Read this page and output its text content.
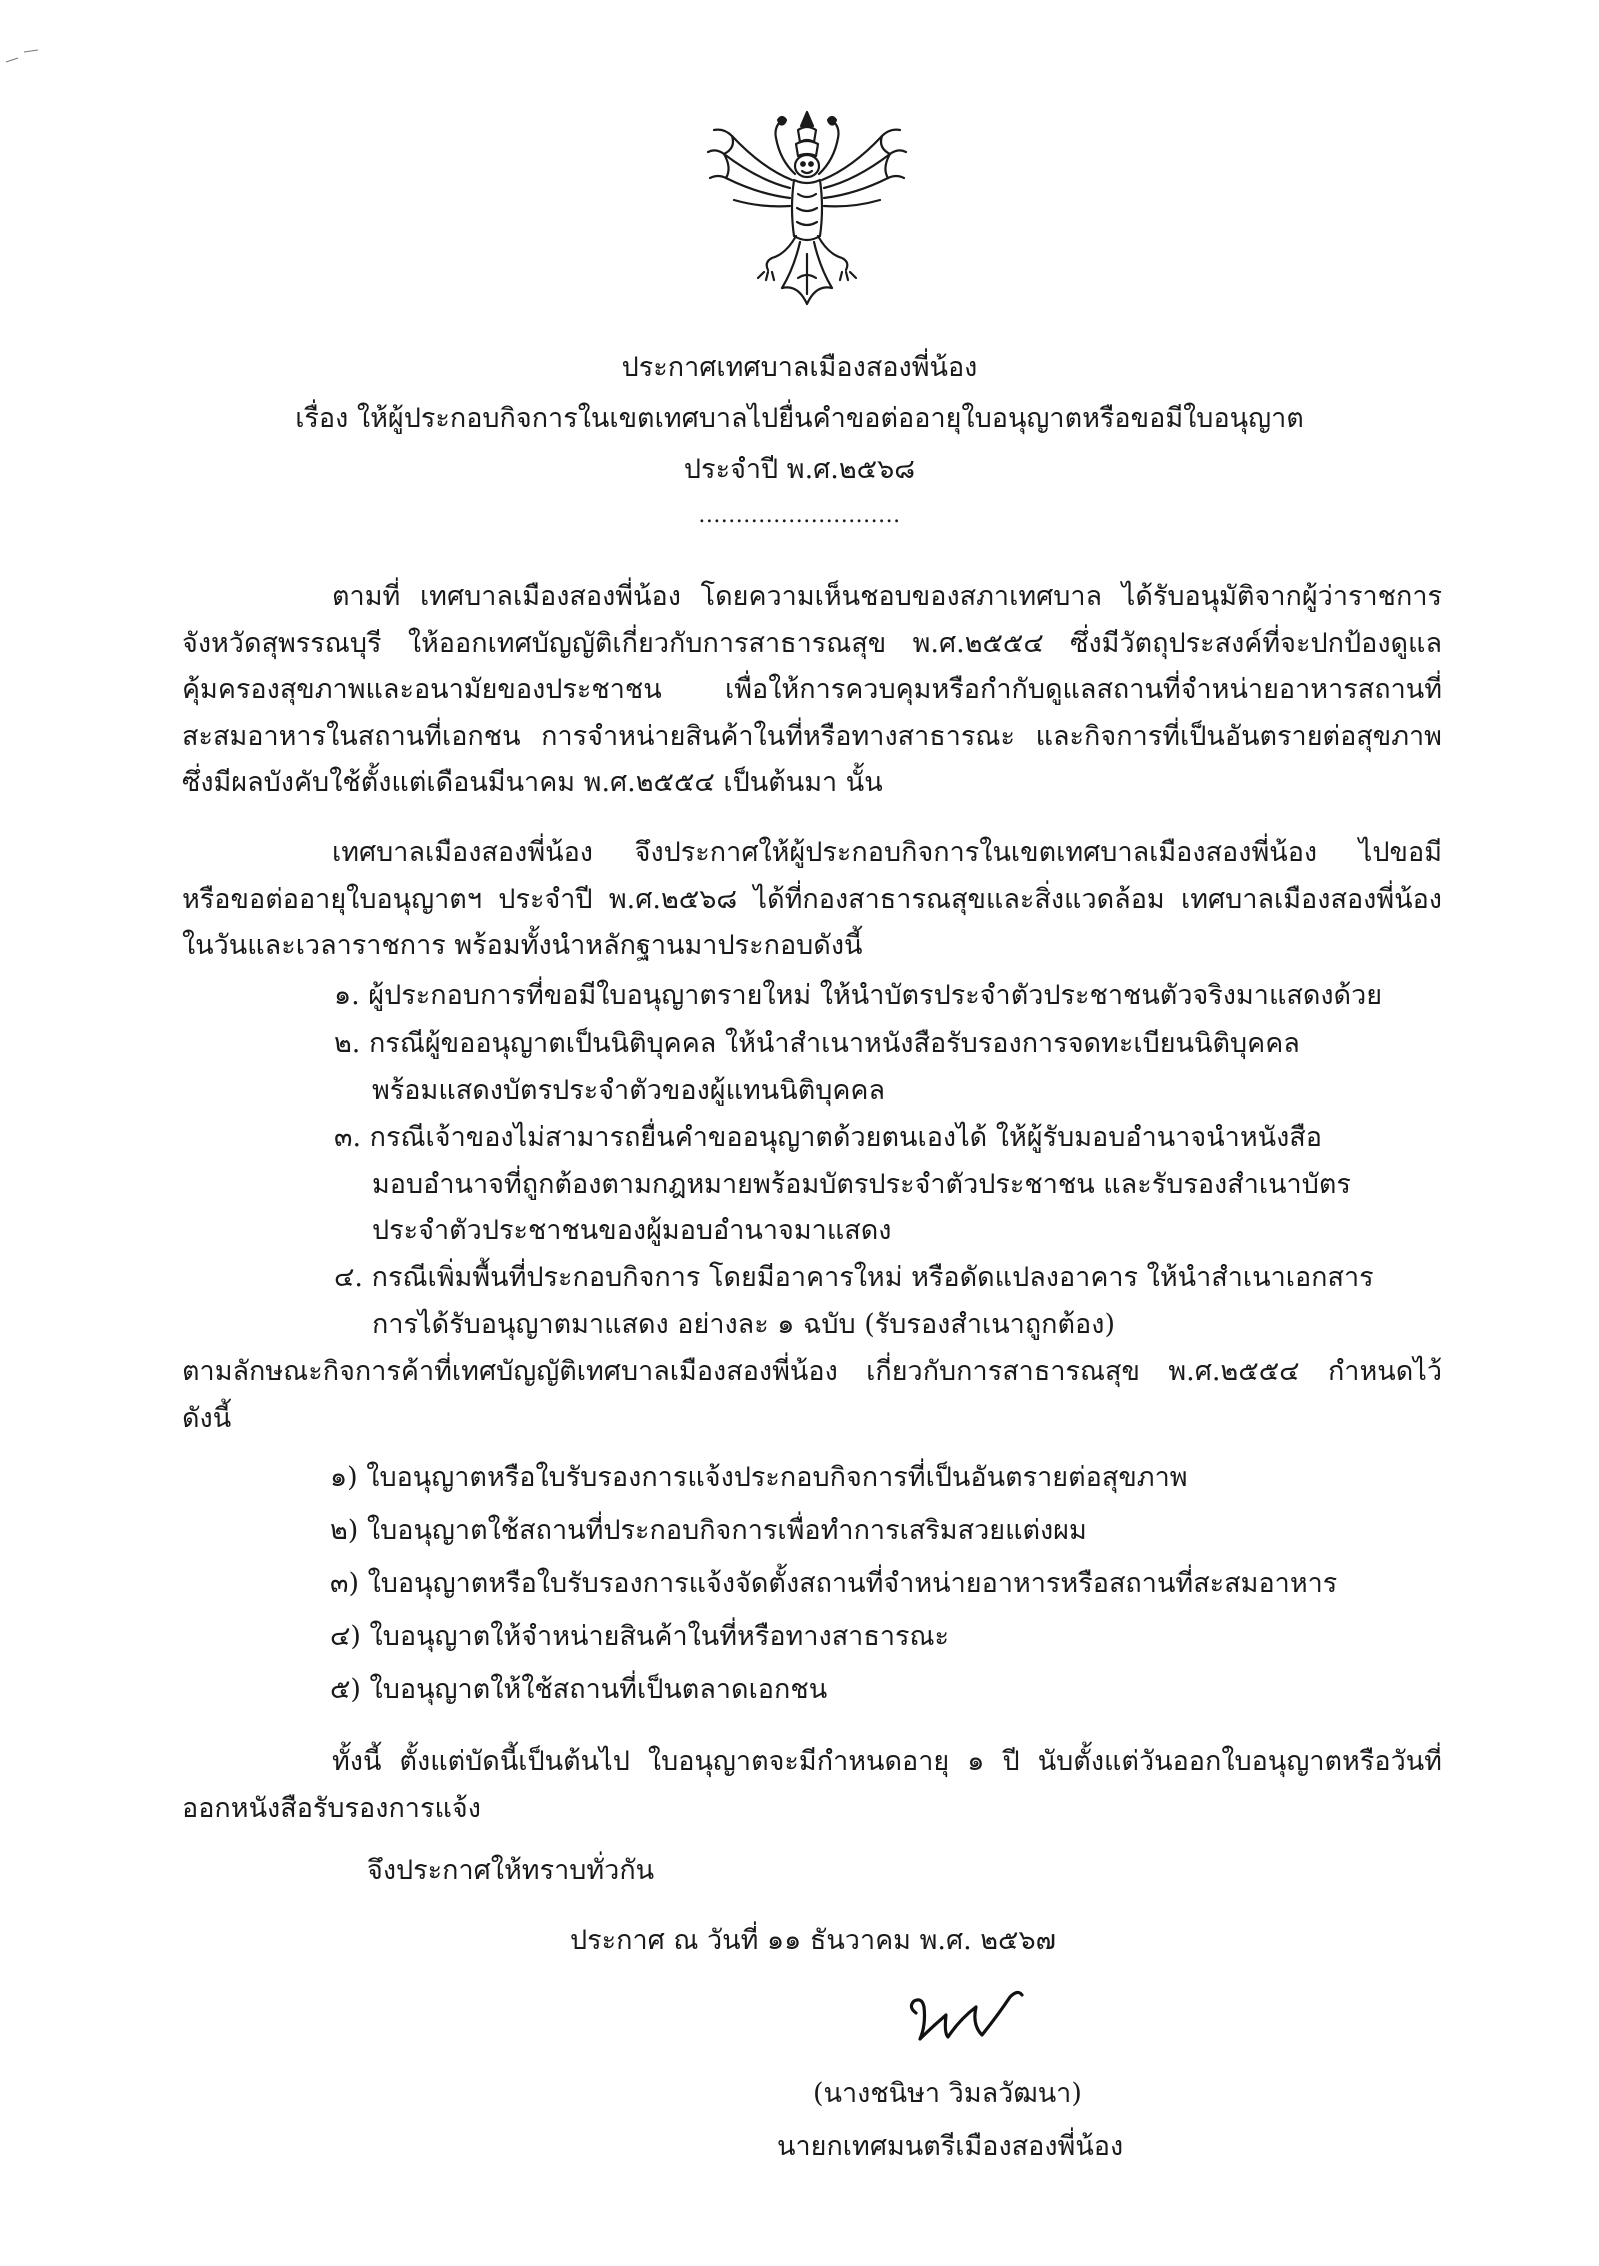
ประกาศเทศบาลเมืองสองพี่น้อง
เรื่อง ให้ผู้ประกอบกิจการในเขตเทศบาลไปยื่นคำขอต่ออายุใบอนุญาตหรือขอมีใบอนุญาต
ประจำปี พ.ศ.๒๕๖๘
...........................
ตามที่ เทศบาลเมืองสองพี่น้อง โดยความเห็นชอบของสภาเทศบาล ได้รับอนุมัติจากผู้ว่าราชการ
จังหวัดสุพรรณบุรี ให้ออกเทศบัญญัติเกี่ยวกับการสาธารณสุข พ.ศ.๒๕๕๔ ซึ่งมีวัตถุประสงค์ที่จะปกป้องดูแล
คุ้มครองสุขภาพและอนามัยของประชาชน เพื่อให้การควบคุมหรือกำกับดูแลสถานที่จำหน่ายอาหารสถานที่
สะสมอาหารในสถานที่เอกชน การจำหน่ายสินค้าในที่หรือทางสาธารณะ และกิจการที่เป็นอันตรายต่อสุขภาพ
ซึ่งมีผลบังคับใช้ตั้งแต่เดือนมีนาคม พ.ศ.๒๕๕๔ เป็นต้นมา นั้น
เทศบาลเมืองสองพี่น้อง จึงประกาศให้ผู้ประกอบกิจการในเขตเทศบาลเมืองสองพี่น้อง ไปขอมี
หรือขอต่ออายุใบอนุญาตฯ ประจำปี พ.ศ.๒๕๖๘ ได้ที่กองสาธารณสุขและสิ่งแวดล้อม เทศบาลเมืองสองพี่น้อง
ในวันและเวลาราชการ พร้อมทั้งนำหลักฐานมาประกอบดังนี้
๑. ผู้ประกอบการที่ขอมีใบอนุญาตรายใหม่ ให้นำบัตรประจำตัวประชาชนตัวจริงมาแสดงด้วย
๒. กรณีผู้ขออนุญาตเป็นนิติบุคคล ให้นำสำเนาหนังสือรับรองการจดทะเบียนนิติบุคคล
พร้อมแสดงบัตรประจำตัวของผู้แทนนิติบุคคล
๓. กรณีเจ้าของไม่สามารถยื่นคำขออนุญาตด้วยตนเองได้ ให้ผู้รับมอบอำนาจนำหนังสือ
มอบอำนาจที่ถูกต้องตามกฎหมายพร้อมบัตรประจำตัวประชาชน และรับรองสำเนาบัตร
ประจำตัวประชาชนของผู้มอบอำนาจมาแสดง
๔. กรณีเพิ่มพื้นที่ประกอบกิจการ โดยมีอาคารใหม่ หรือดัดแปลงอาคาร ให้นำสำเนาเอกสาร
การได้รับอนุญาตมาแสดง อย่างละ ๑ ฉบับ (รับรองสำเนาถูกต้อง)
ตามลักษณะกิจการค้าที่เทศบัญญัติเทศบาลเมืองสองพี่น้อง เกี่ยวกับการสาธารณสุข พ.ศ.๒๕๕๔ กำหนดไว้
ดังนี้
๑) ใบอนุญาตหรือใบรับรองการแจ้งประกอบกิจการที่เป็นอันตรายต่อสุขภาพ
๒) ใบอนุญาตใช้สถานที่ประกอบกิจการเพื่อทำการเสริมสวยแต่งผม
๓) ใบอนุญาตหรือใบรับรองการแจ้งจัดตั้งสถานที่จำหน่ายอาหารหรือสถานที่สะสมอาหาร
๔) ใบอนุญาตให้จำหน่ายสินค้าในที่หรือทางสาธารณะ
๕) ใบอนุญาตให้ใช้สถานที่เป็นตลาดเอกชน
ทั้งนี้ ตั้งแต่บัดนี้เป็นต้นไป ใบอนุญาตจะมีกำหนดอายุ ๑ ปี นับตั้งแต่วันออกใบอนุญาตหรือวันที่
ออกหนังสือรับรองการแจ้ง
จึงประกาศให้ทราบทั่วกัน
ประกาศ ณ วันที่ ๑๑ ธันวาคม พ.ศ. ๒๕๖๗
(นางชนิษา วิมลวัฒนา)
นายกเทศมนตรีเมืองสองพี่น้อง
